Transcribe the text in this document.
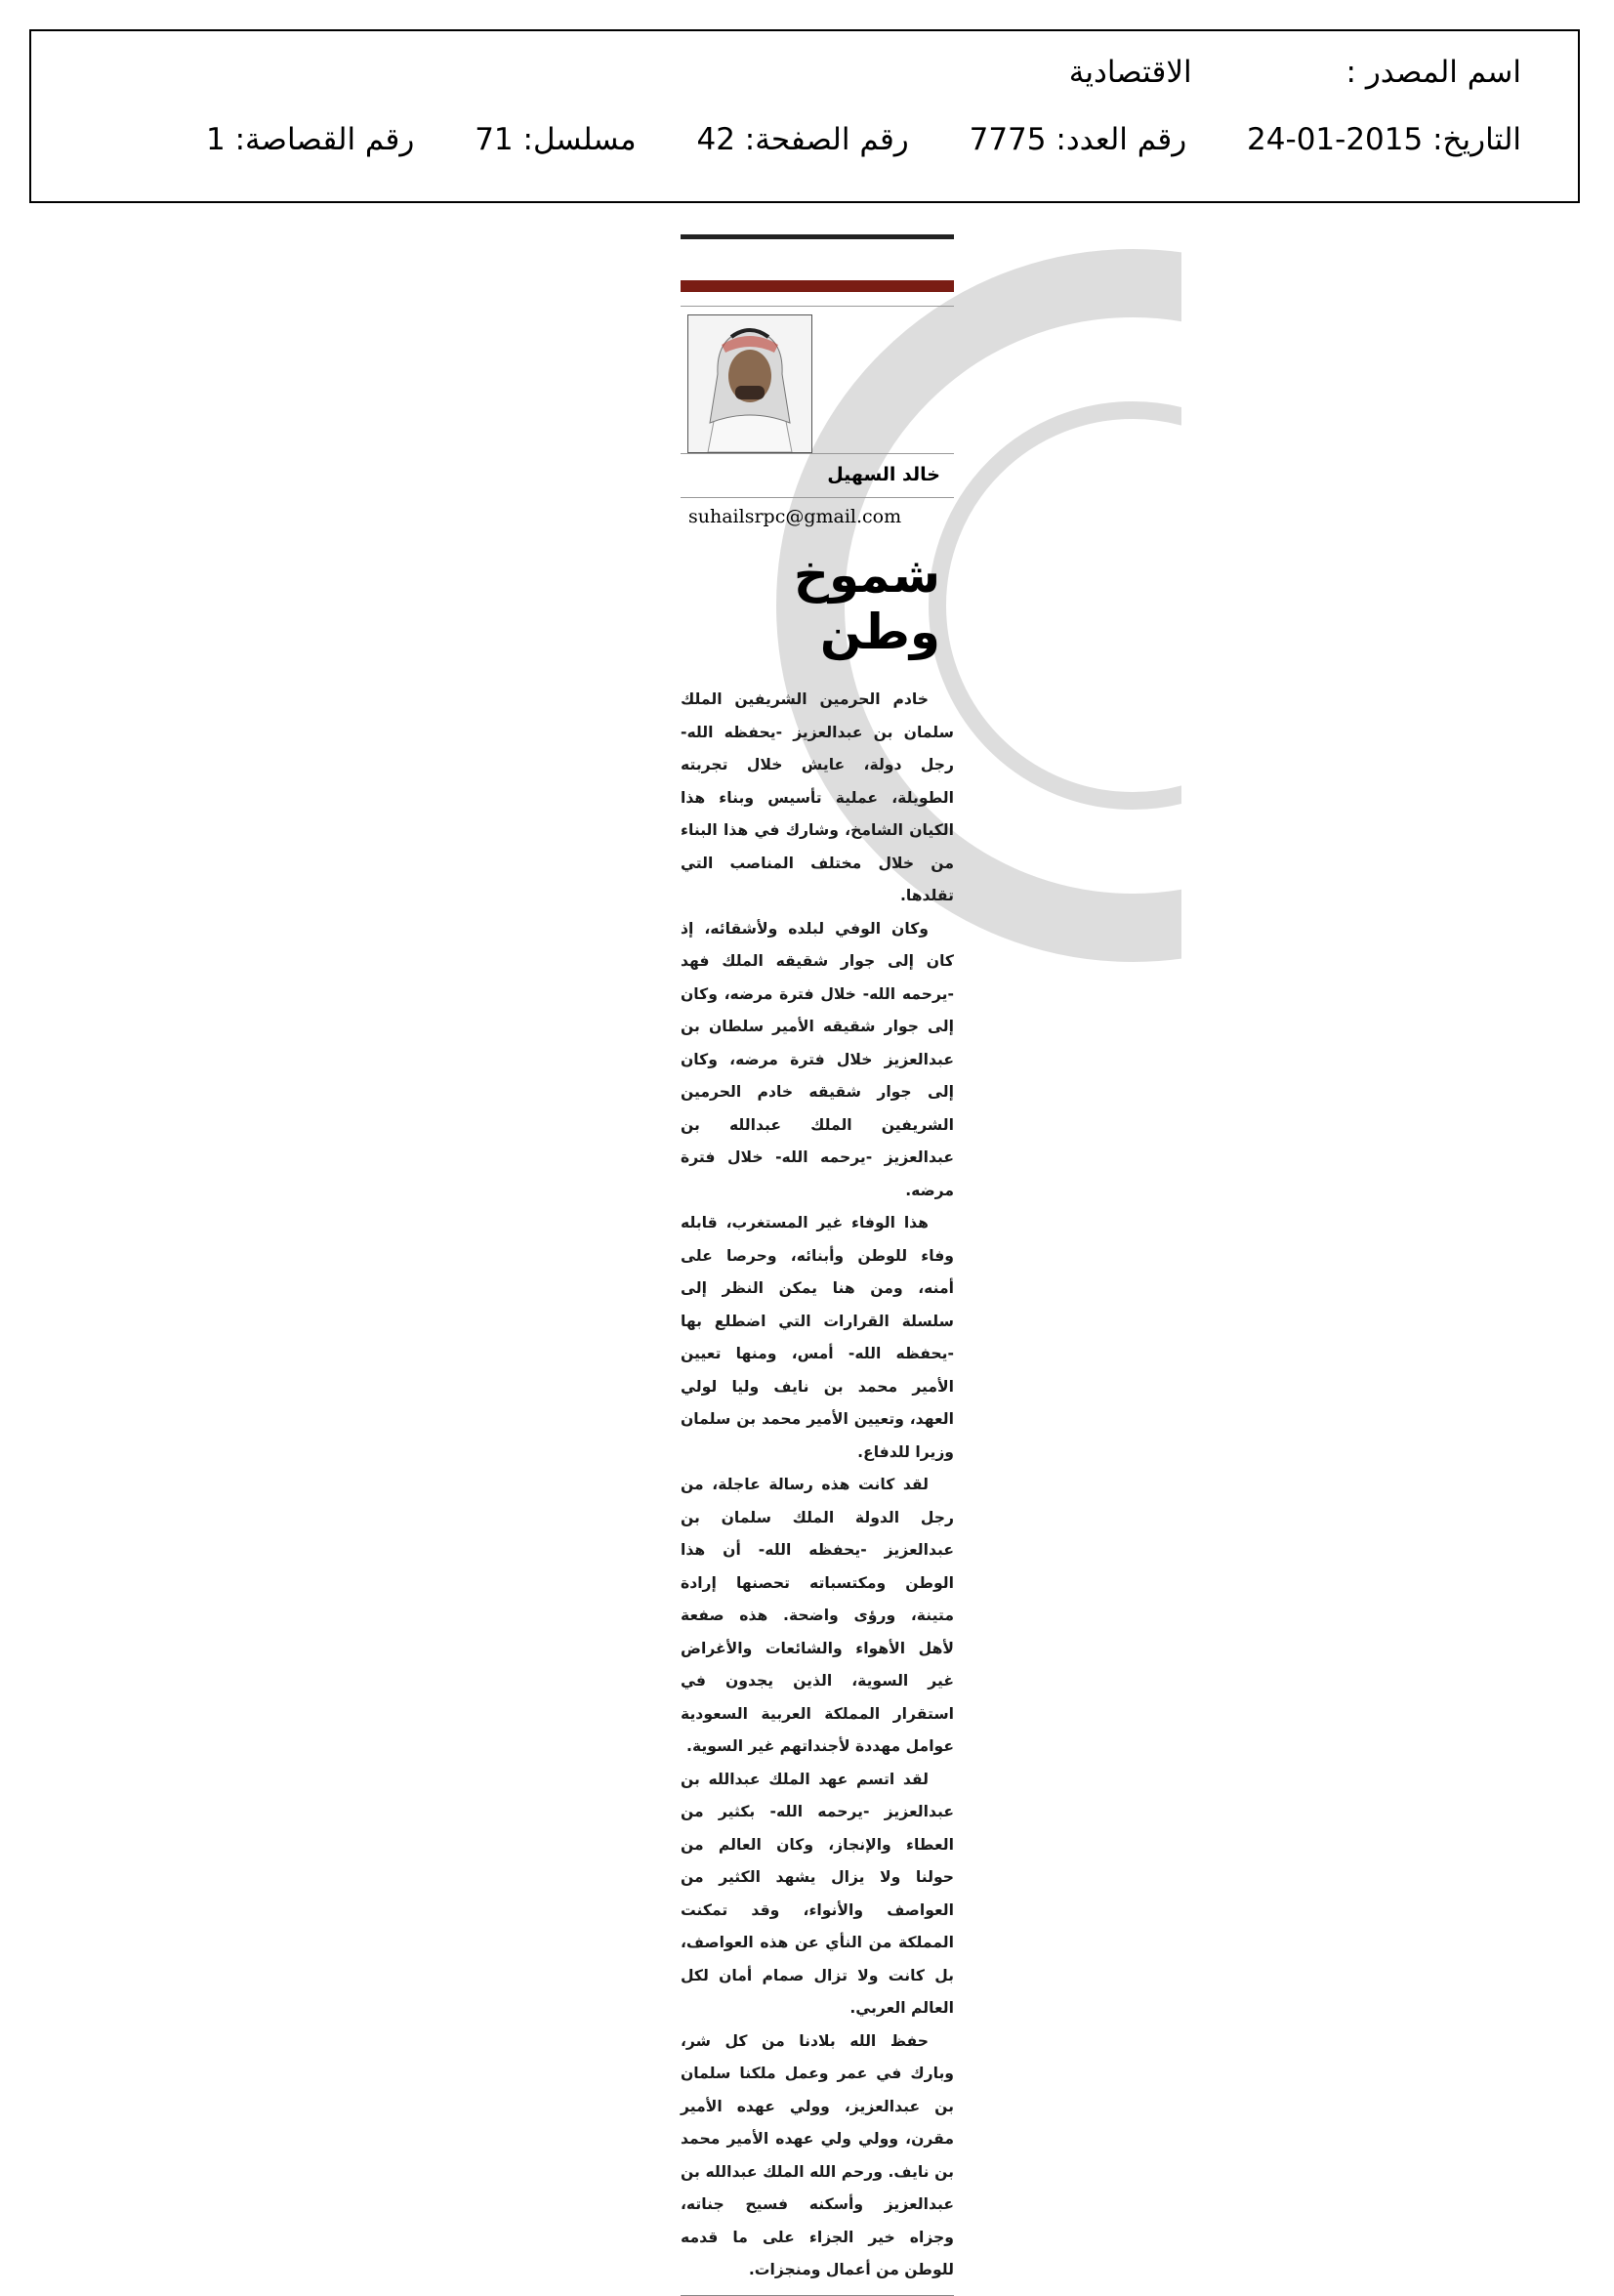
اسم المصدر : الاقتصادية
التاريخ: 2015-01-24 رقم العدد: 7775 رقم الصفحة: 42 مسلسل: 71 رقم القصاصة: 1
خالد السهيل
suhailsrpc@gmail.com
شموخ وطن

خادم الحرمين الشريفين الملك سلمان بن عبدالعزيز -يحفظه الله- رجل دولة، عايش خلال تجربته الطويلة، عملية تأسيس وبناء هذا الكيان الشامخ، وشارك في هذا البناء من خلال مختلف المناصب التي تقلدها.

وكان الوفي لبلده ولأشقائه، إذ كان إلى جوار شقيقه الملك فهد -يرحمه الله- خلال فترة مرضه، وكان إلى جوار شقيقه الأمير سلطان بن عبدالعزيز خلال فترة مرضه، وكان إلى جوار شقيقه خادم الحرمين الشريفين الملك عبدالله بن عبدالعزيز -يرحمه الله- خلال فترة مرضه.

هذا الوفاء غير المستغرب، قابله وفاء للوطن وأبنائه، وحرصا على أمنه، ومن هنا يمكن النظر إلى سلسلة القرارات التي اضطلع بها -يحفظه الله- أمس، ومنها تعيين الأمير محمد بن نايف وليا لولي العهد، وتعيين الأمير محمد بن سلمان وزيرا للدفاع.

لقد كانت هذه رسالة عاجلة، من رجل الدولة الملك سلمان بن عبدالعزيز -يحفظه الله- أن هذا الوطن ومكتسباته تحصنها إرادة متينة، ورؤى واضحة. هذه صفعة لأهل الأهواء والشائعات والأغراض غير السوية، الذين يجدون في استقرار المملكة العربية السعودية عوامل مهددة لأجنداتهم غير السوية.

لقد اتسم عهد الملك عبدالله بن عبدالعزيز -يرحمه الله- بكثير من العطاء والإنجاز، وكان العالم من حولنا ولا يزال يشهد الكثير من العواصف والأنواء، وقد تمكنت المملكة من النأي عن هذه العواصف، بل كانت ولا تزال صمام أمان لكل العالم العربي.

حفظ الله بلادنا من كل شر، وبارك في عمر وعمل ملكنا سلمان بن عبدالعزيز، وولي عهده الأمير مقرن، وولي ولي عهده الأمير محمد بن نايف. ورحم الله الملك عبدالله بن عبدالعزيز وأسكنه فسيح جناته، وجزاه خير الجزاء على ما قدمه للوطن من أعمال ومنجزات.
